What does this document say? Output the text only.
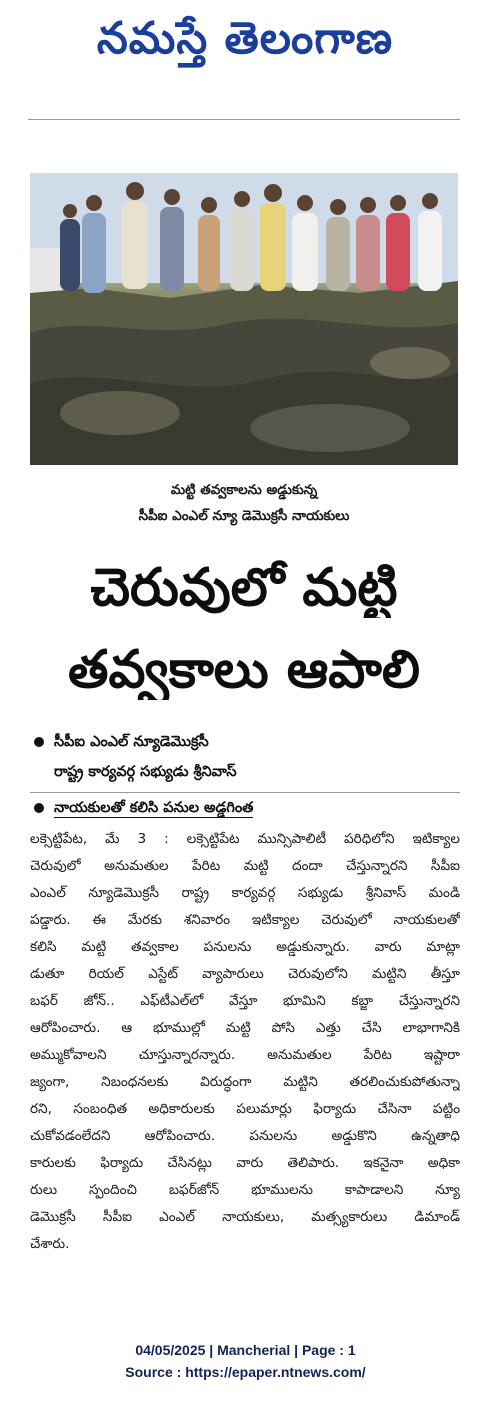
నమస్తే తెలంగాణ
మట్టి తవ్వకాలను అడ్డుకున్న
సీపీఐ ఎంఎల్ న్యూ డెమొక్రసీ నాయకులు
చెరువులో మట్టి
తవ్వకాలు ఆపాలి
సీపీఐ ఎంఎల్ న్యూడెమొక్రసీ
రాష్ట్ర కార్యవర్గ సభ్యుడు శ్రీనివాస్
నాయకులతో కలిసి పనుల అడ్డగింత
లక్సెట్టిపేట, మే 3 : లక్సెట్టిపేట మున్సిపాలిటీ పరిధిలోని ఇటిక్యాల
చెరువులో అనుమతుల పేరిట మట్టి దందా చేస్తున్నారని సీపీఐ
ఎంఎల్ న్యూడెమొక్రసీ రాష్ట్ర కార్యవర్గ సభ్యుడు శ్రీనివాస్ మండి
పడ్డారు. ఈ మేరకు శనివారం ఇటిక్యాల చెరువులో నాయకులతో
కలిసి మట్టి తవ్వకాల పనులను అడ్డుకున్నారు. వారు మాట్లా
డుతూ రియల్ ఎస్టేట్ వ్యాపారులు చెరువులోని మట్టిని తీస్తూ
బఫర్ జోన్.. ఎఫ్‌టీఎల్‌లో వేస్తూ భూమిని కబ్జా చేస్తున్నారని
ఆరోపించారు. ఆ భూముల్లో మట్టి పోసి ఎత్తు చేసి లాభాగానికి
అమ్ముకోవాలని చూస్తున్నారన్నారు. అనుమతుల పేరిట ఇష్టారా
జ్యంగా, నిబంధనలకు విరుద్ధంగా మట్టిని తరలించుకుపోతున్నా
రని, సంబంధిత అధికారులకు పలుమార్లు ఫిర్యాదు చేసినా పట్టిం
చుకోవడంలేదని ఆరోపించారు. పనులను అడ్డుకొని ఉన్నతాధి
కారులకు ఫిర్యాదు చేసినట్లు వారు తెలిపారు. ఇకనైనా అధికా
రులు స్పందించి బఫర్‌జోన్ భూములను కాపాడాలని న్యూ
డెమొక్రసీ సీపీఐ ఎంఎల్ నాయకులు, మత్స్యకారులు డిమాండ్
చేశారు.
04/05/2025 | Mancherial | Page : 1
Source : https://epaper.ntnews.com/
